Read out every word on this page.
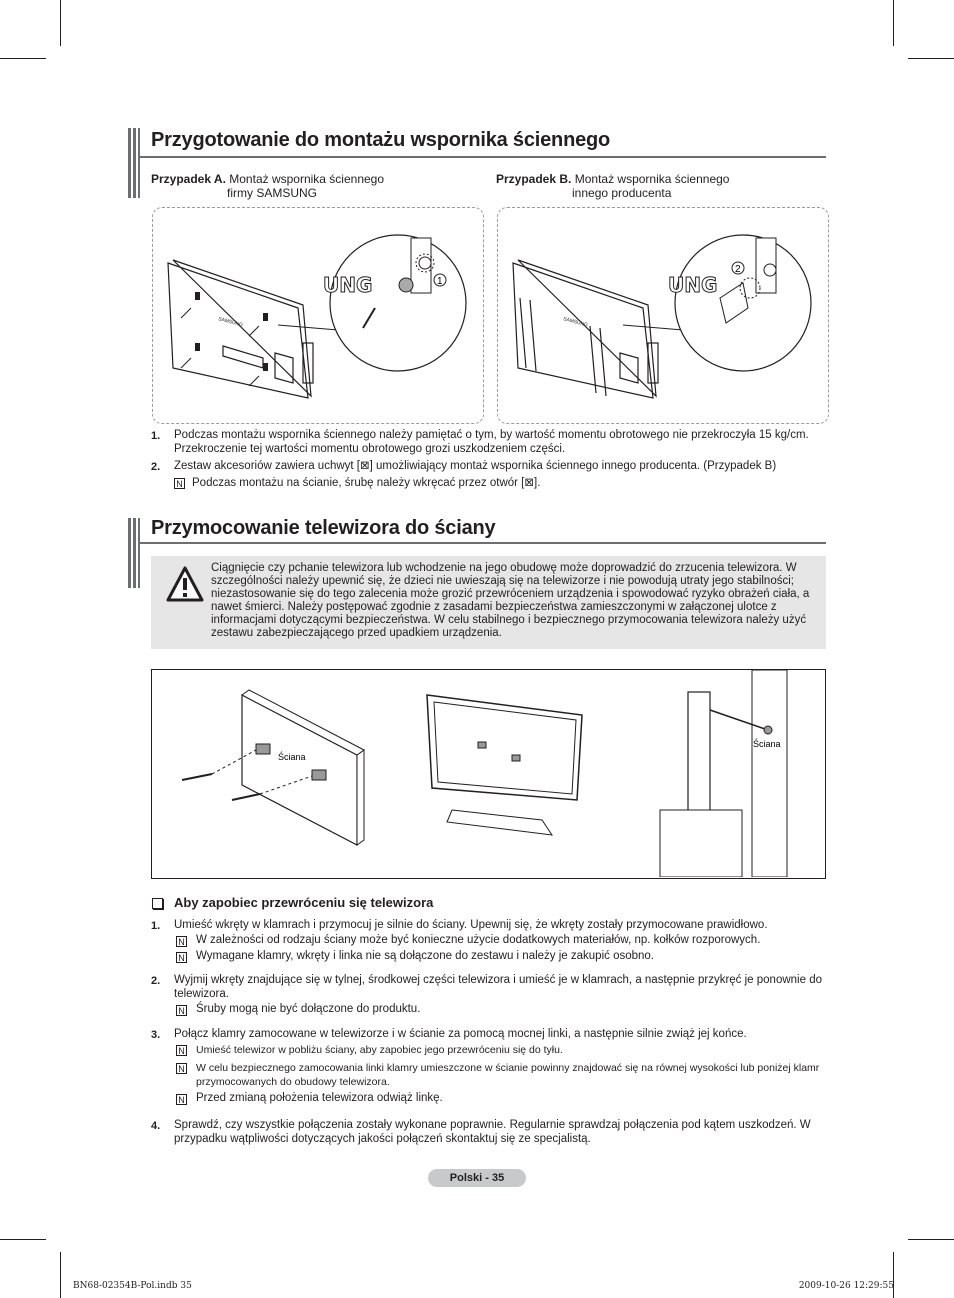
Przygotowanie do montażu wspornika ściennego
Przypadek A. Montaż wspornika ściennego
firmy SAMSUNG
Przypadek B. Montaż wspornika ściennego
innego producenta
SAMSUNG
UNG	1
SAMSUNG
UNG
2
1. Podczas montażu wspornika ściennego należy pamiętać o tym, by wartość momentu obrotowego nie przekroczyła 15 kg/cm. Przekroczenie tej wartości momentu obrotowego grozi uszkodzeniem części.
2. Zestaw akcesoriów zawiera uchwyt [⊠] umożliwiający montaż wspornika ściennego innego producenta. (Przypadek B)
N Podczas montażu na ścianie, śrubę należy wkręcać przez otwór [⊠].
Przymocowanie telewizora do ściany
Ciągnięcie czy pchanie telewizora lub wchodzenie na jego obudowę może doprowadzić do zrzucenia telewizora. W szczególności należy upewnić się, że dzieci nie uwieszają się na telewizorze i nie powodują utraty jego stabilności; niezastosowanie się do tego zalecenia może grozić przewróceniem urządzenia i spowodować ryzyko obrażeń ciała, a nawet śmierci. Należy postępować zgodnie z zasadami bezpieczeństwa zamieszczonymi w załączonej ulotce z informacjami dotyczącymi bezpieczeństwa. W celu stabilnego i bezpiecznego przymocowania telewizora należy użyć zestawu zabezpieczającego przed upadkiem urządzenia.
Ściana
Ściana
Aby zapobiec przewróceniu się telewizora
1. Umieść wkręty w klamrach i przymocuj je silnie do ściany. Upewnij się, że wkręty zostały przymocowane prawidłowo.
N W zależności od rodzaju ściany może być konieczne użycie dodatkowych materiałów, np. kołków rozporowych.
N Wymagane klamry, wkręty i linka nie są dołączone do zestawu i należy je zakupić osobno.
2. Wyjmij wkręty znajdujące się w tylnej, środkowej części telewizora i umieść je w klamrach, a następnie przykręć je ponownie do telewizora.
N Śruby mogą nie być dołączone do produktu.
3. Połącz klamry zamocowane w telewizorze i w ścianie za pomocą mocnej linki, a następnie silnie zwiąż jej końce.
N Umieść telewizor w pobliżu ściany, aby zapobiec jego przewróceniu się do tyłu.
N W celu bezpiecznego zamocowania linki klamry umieszczone w ścianie powinny znajdować się na równej wysokości lub poniżej klamr przymocowanych do obudowy telewizora.
N Przed zmianą położenia telewizora odwiąż linkę.
4. Sprawdź, czy wszystkie połączenia zostały wykonane poprawnie. Regularnie sprawdzaj połączenia pod kątem uszkodzeń. W przypadku wątpliwości dotyczących jakości połączeń skontaktuj się ze specjalistą.
Polski - 35
BN68-02354B-Pol.indb 35	2009-10-26 12:29:55
